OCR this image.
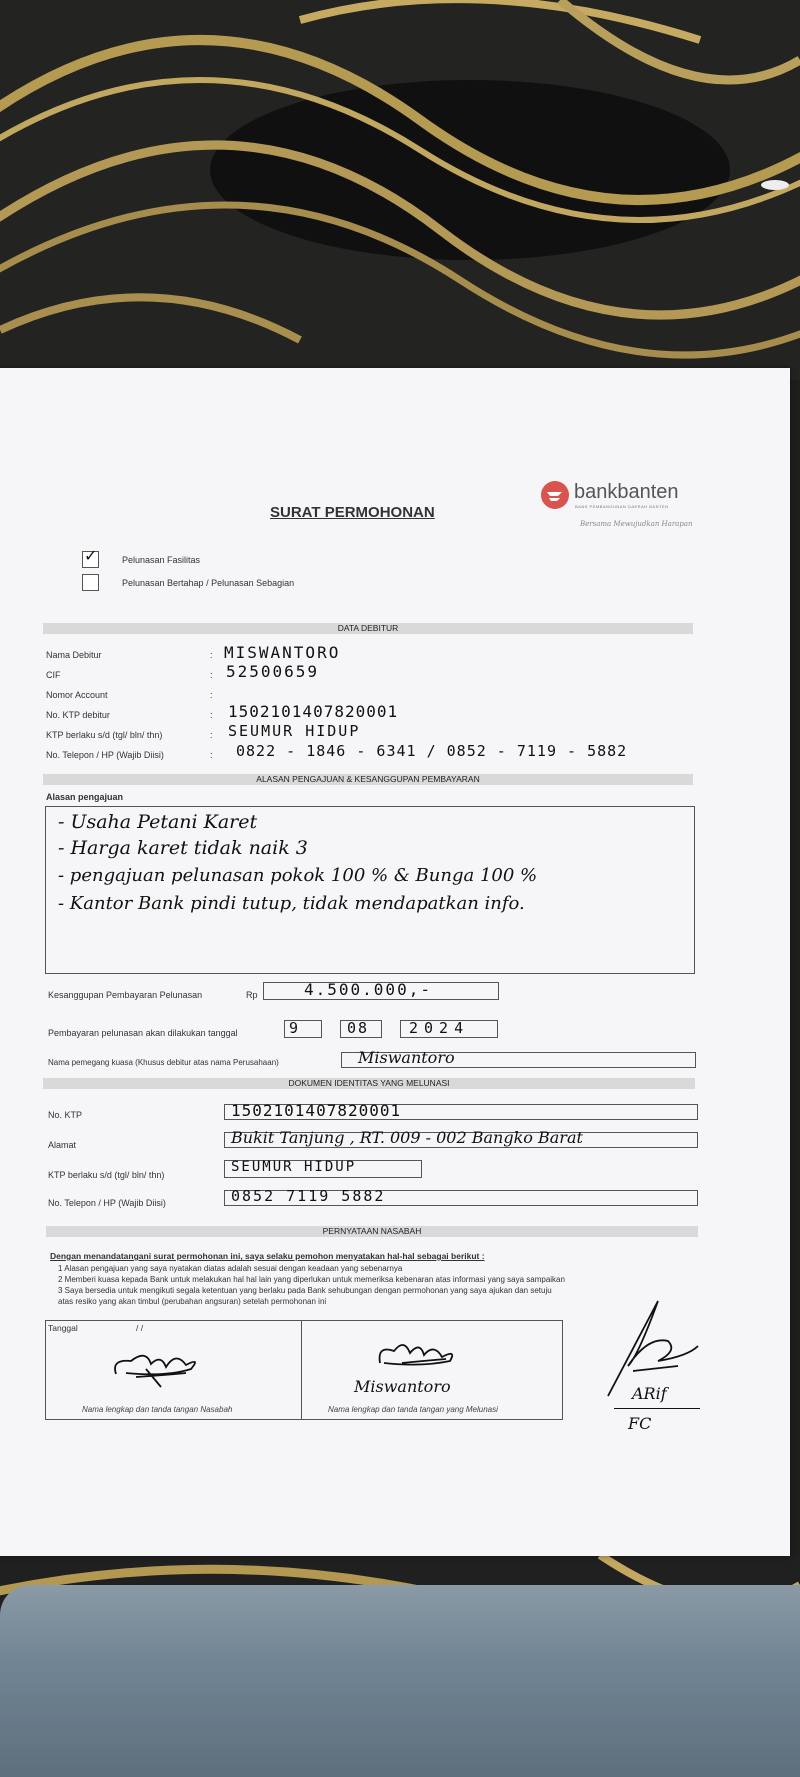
bankbanten
BANK PEMBANGUNAN DAERAH BANTEN
Bersama Mewujudkan Harapan
SURAT PERMOHONAN
✓	Pelunasan Fasilitas
Pelunasan Bertahap / Pelunasan Sebagian
DATA DEBITUR
Nama Debitur	: MISWANTORO
CIF	: 52500659
Nomor Account	:
No. KTP debitur	: 1502101407820001
KTP berlaku s/d (tgl/ bln/ thn)	: SEUMUR HIDUP
No. Telepon / HP (Wajib Diisi)	: 0822 - 1846 - 6341 / 0852 - 7119 - 5882
ALASAN PENGAJUAN & KESANGGUPAN PEMBAYARAN
Alasan pengajuan
- Usaha Petani Karet
- Harga karet tidak naik 3
- pengajuan pelunasan pokok 100 % & Bunga 100 %
- Kantor Bank pindi tutup, tidak mendapatkan info.
Kesanggupan Pembayaran Pelunasan	Rp	4.500.000,-
Pembayaran pelunasan akan dilakukan tanggal	9	08	2024
Nama pemegang kuasa (Khusus debitur atas nama Perusahaan)	Miswantoro
DOKUMEN IDENTITAS YANG MELUNASI
No. KTP	1502101407820001
Alamat	Bukit Tanjung , RT. 009 - 002 Bangko Barat
KTP berlaku s/d (tgl/ bln/ thn)	SEUMUR HIDUP
No. Telepon / HP (Wajib Diisi)	0852 7119 5882
PERNYATAAN NASABAH
Dengan menandatangani surat permohonan ini, saya selaku pemohon menyatakan hal-hal sebagai berikut :
1 Alasan pengajuan yang saya nyatakan diatas adalah sesuai dengan keadaan yang sebenarnya
2 Memberi kuasa kepada Bank untuk melakukan hal hal lain yang diperlukan untuk memeriksa kebenaran atas informasi yang saya sampaikan
3 Saya bersedia untuk mengikuti segala ketentuan yang berlaku pada Bank sehubungan dengan permohonan yang saya ajukan dan setuju
atas resiko yang akan timbul (perubahan angsuran) setelah permohonan ini
Tanggal	/ /
Nama lengkap dan tanda tangan Nasabah
Miswantoro
Nama lengkap dan tanda tangan yang Melunasi
ARif
FC
